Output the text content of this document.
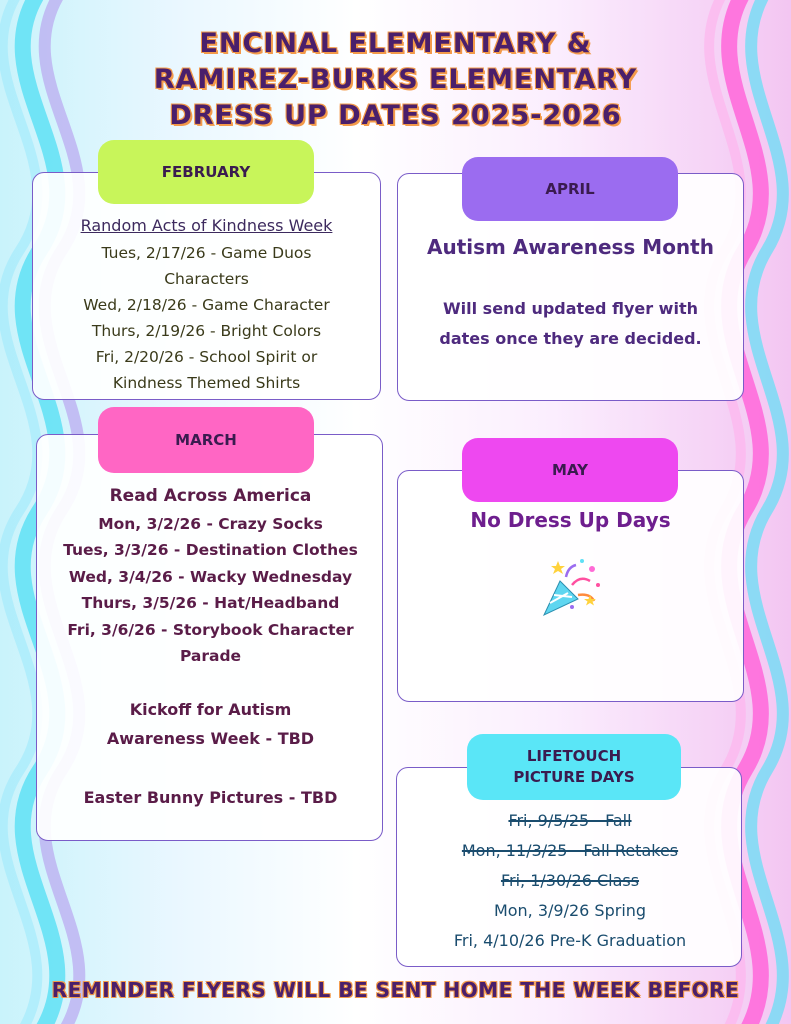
ENCINAL ELEMENTARY &
RAMIREZ-BURKS ELEMENTARY
DRESS UP DATES 2025-2026
FEBRUARY
Random Acts of Kindness Week
Tues, 2/17/26 - Game Duos
Characters
Wed, 2/18/26 - Game Character
Thurs, 2/19/26 - Bright Colors
Fri, 2/20/26 - School Spirit or
Kindness Themed Shirts
APRIL
Autism Awareness Month
Will send updated flyer with
dates once they are decided.
MARCH
Read Across America
Mon, 3/2/26 - Crazy Socks
Tues, 3/3/26 - Destination Clothes
Wed, 3/4/26 - Wacky Wednesday
Thurs, 3/5/26 - Hat/Headband
Fri, 3/6/26 - Storybook Character
Parade
Kickoff for Autism
Awareness Week - TBD
Easter Bunny Pictures - TBD
MAY
No Dress Up Days
LIFETOUCH
PICTURE DAYS
Fri, 9/5/25 - Fall
Mon, 11/3/25 - Fall Retakes
Fri, 1/30/26 Class
Mon, 3/9/26 Spring
Fri, 4/10/26 Pre-K Graduation
REMINDER FLYERS WILL BE SENT HOME THE WEEK BEFORE
